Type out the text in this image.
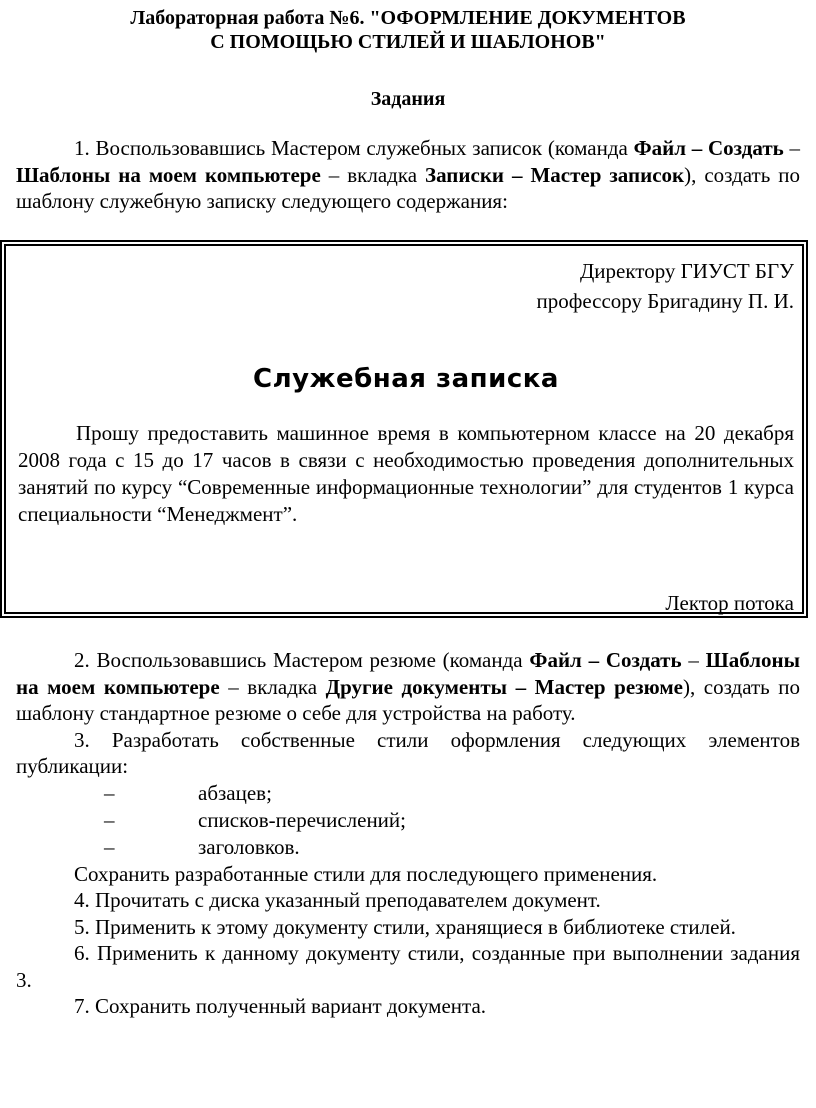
Лабораторная работа №6. "ОФОРМЛЕНИЕ ДОКУМЕНТОВ
С ПОМОЩЬЮ СТИЛЕЙ И ШАБЛОНОВ"
Задания
1. Воспользовавшись Мастером служебных записок (команда Файл – Создать – Шаблоны на моем компьютере – вкладка Записки – Мастер записок), создать по шаблону служебную записку следующего содержания:
Директору ГИУСТ БГУ
профессору Бригадину П. И.
Служебная записка
Прошу предоставить машинное время в компьютерном классе на 20 декабря 2008 года с 15 до 17 часов в связи с необходимостью проведения дополнительных занятий по курсу “Современные информационные технологии” для студентов 1 курса специальности “Менеджмент”.
Лектор потока
2. Воспользовавшись Мастером резюме (команда Файл – Создать – Шаблоны на моем компьютере – вкладка Другие документы – Мастер резюме), создать по шаблону стандартное резюме о себе для устройства на работу.
3. Разработать собственные стили оформления следующих элементов публикации:
–	абзацев;
–	списков-перечислений;
–	заголовков.
Сохранить разработанные стили для последующего применения.
4. Прочитать с диска указанный преподавателем документ.
5. Применить к этому документу стили, хранящиеся в библиотеке стилей.
6. Применить к данному документу стили, созданные при выполнении задания 3.
7. Сохранить полученный вариант документа.
